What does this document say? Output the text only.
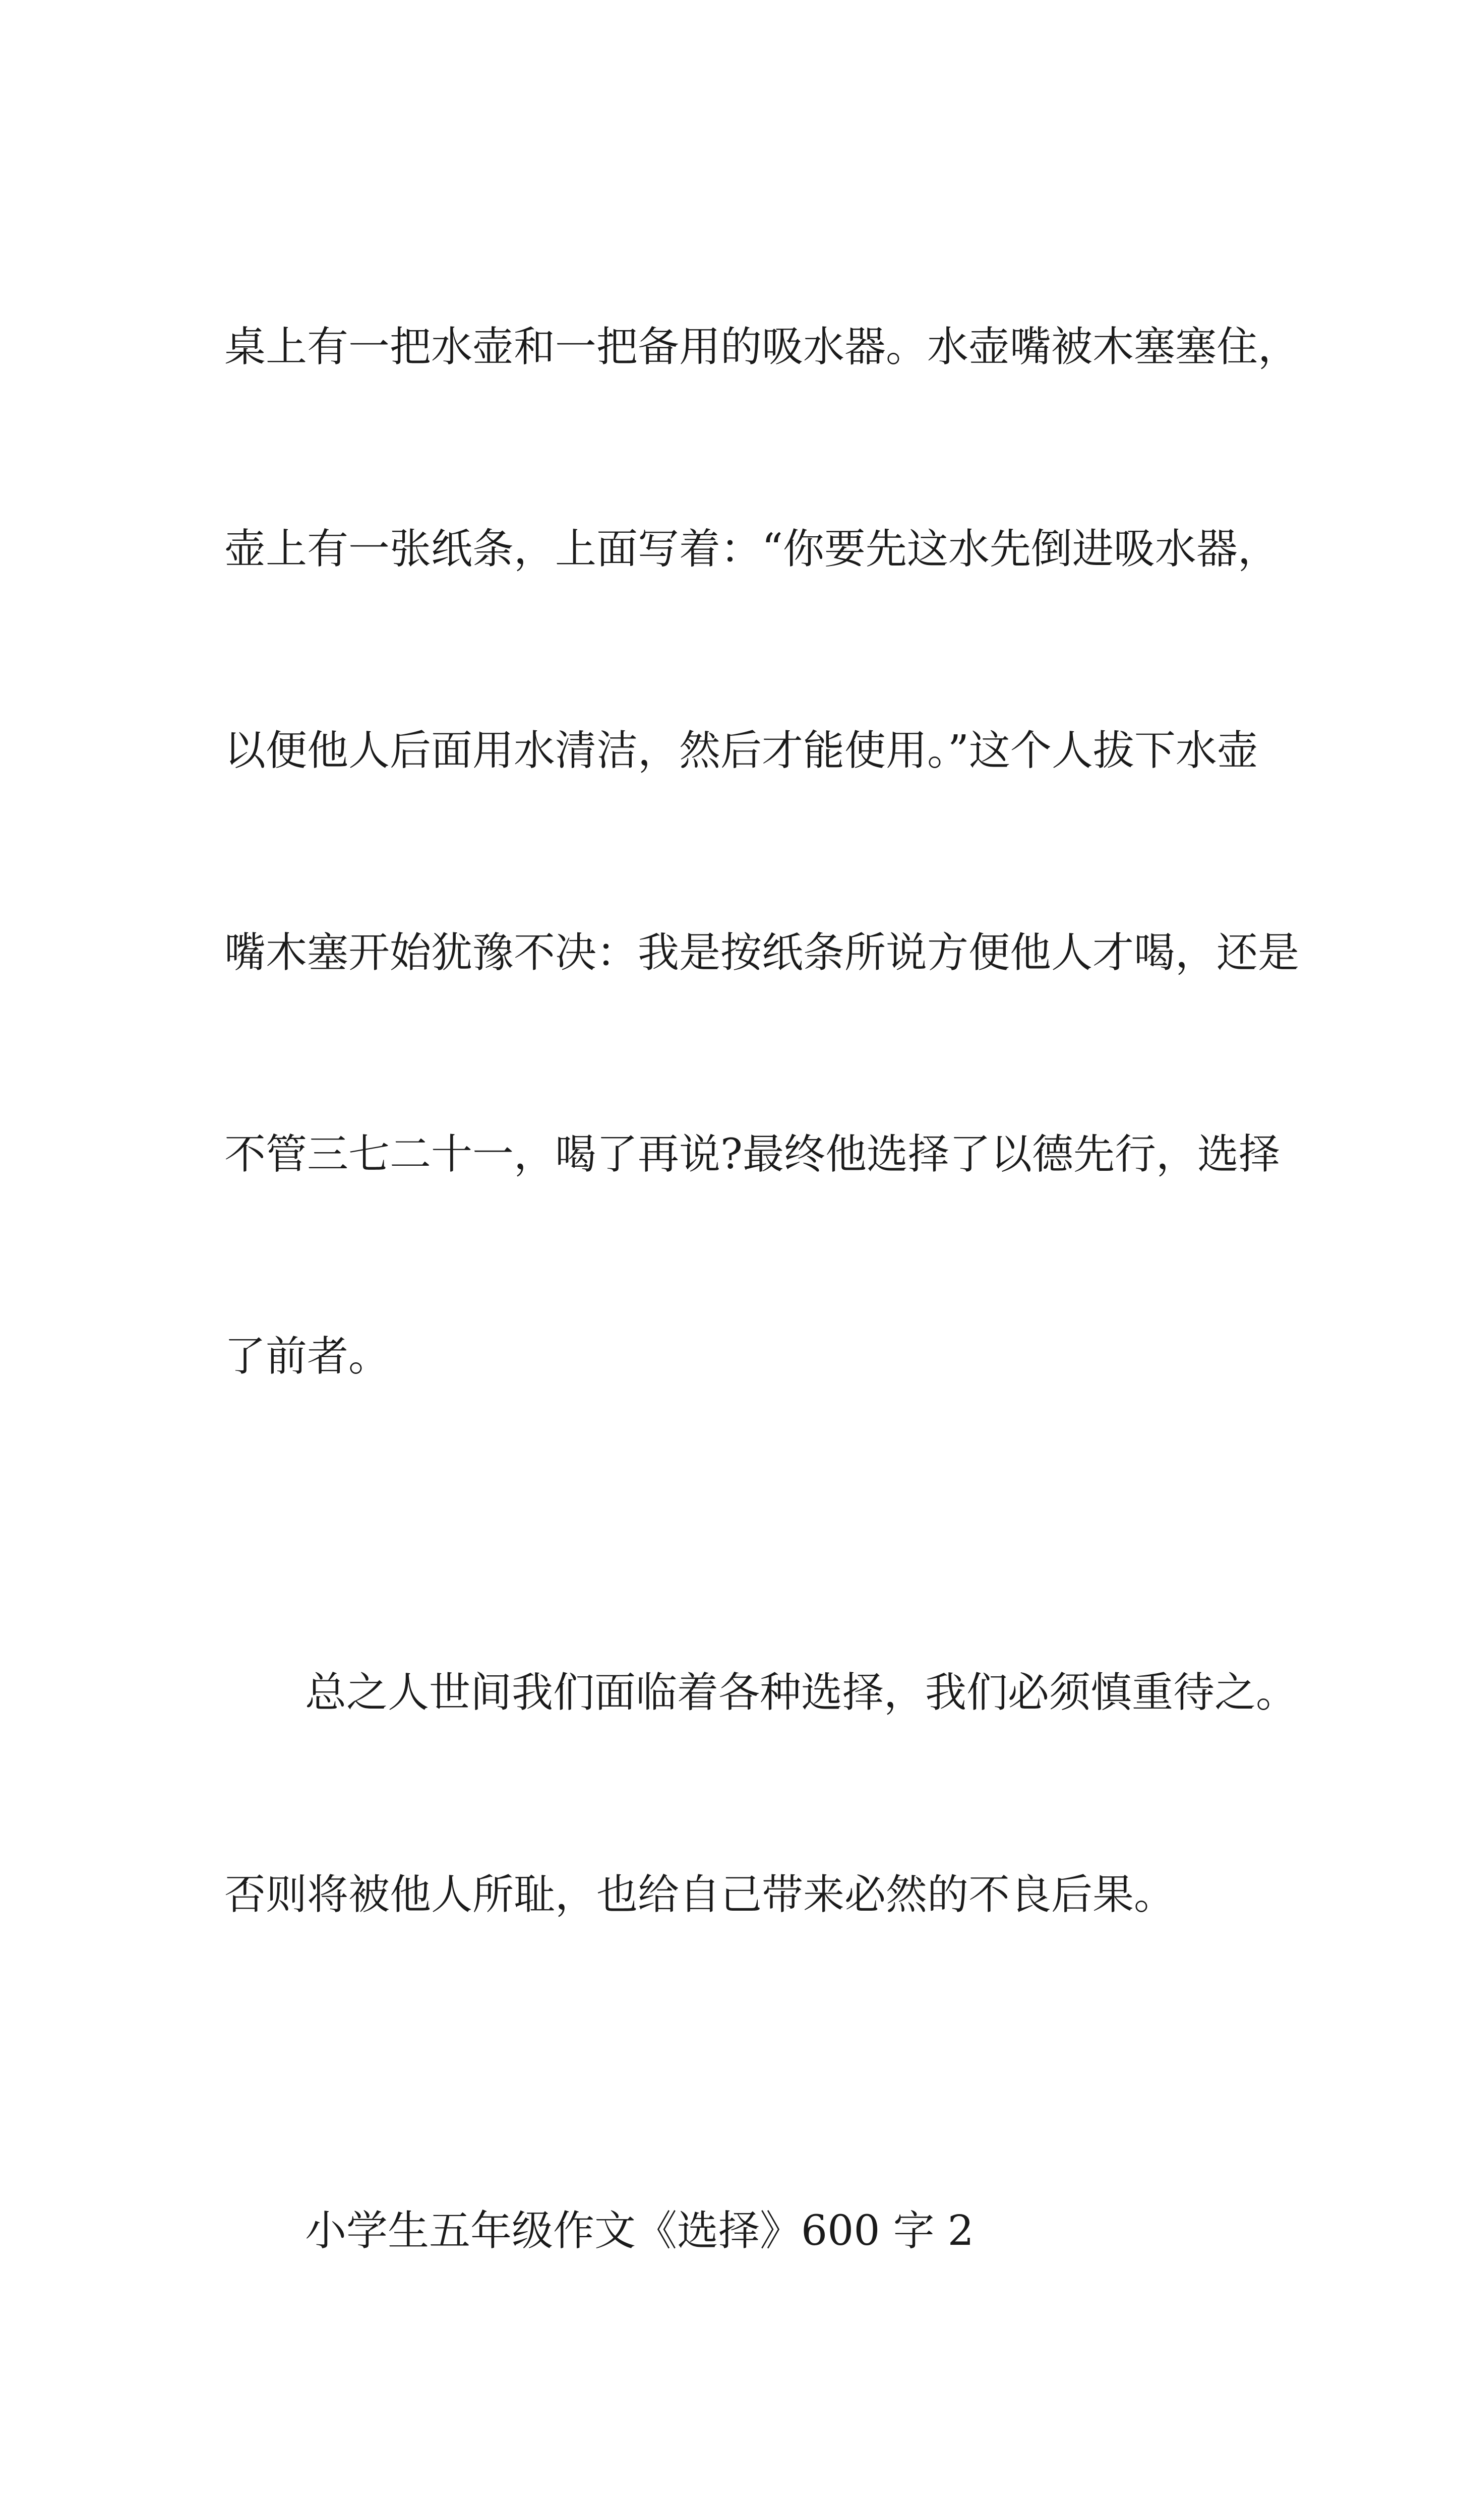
桌上有一把水壶和一把备用的吸水器。水壶嘴被木塞塞住，

壶上有一张纸条，上面写着：“你要先这水先倒进吸水器，

以便他人后面用水清洁，然后才能使用。”这个人拔下水壶

嘴木塞开始犹豫不决：我是按纸条所说方便他人才喝，还是

不管三七二十一，喝了再说?最终他选择了以德先行，选择

了前者。

总之人世间我们面临着各种选择，我们必须慎重待之。

否则将被他人所耻，也给自己带来必然的不良后果。

小学生五年级作文《选择》600 字 2
